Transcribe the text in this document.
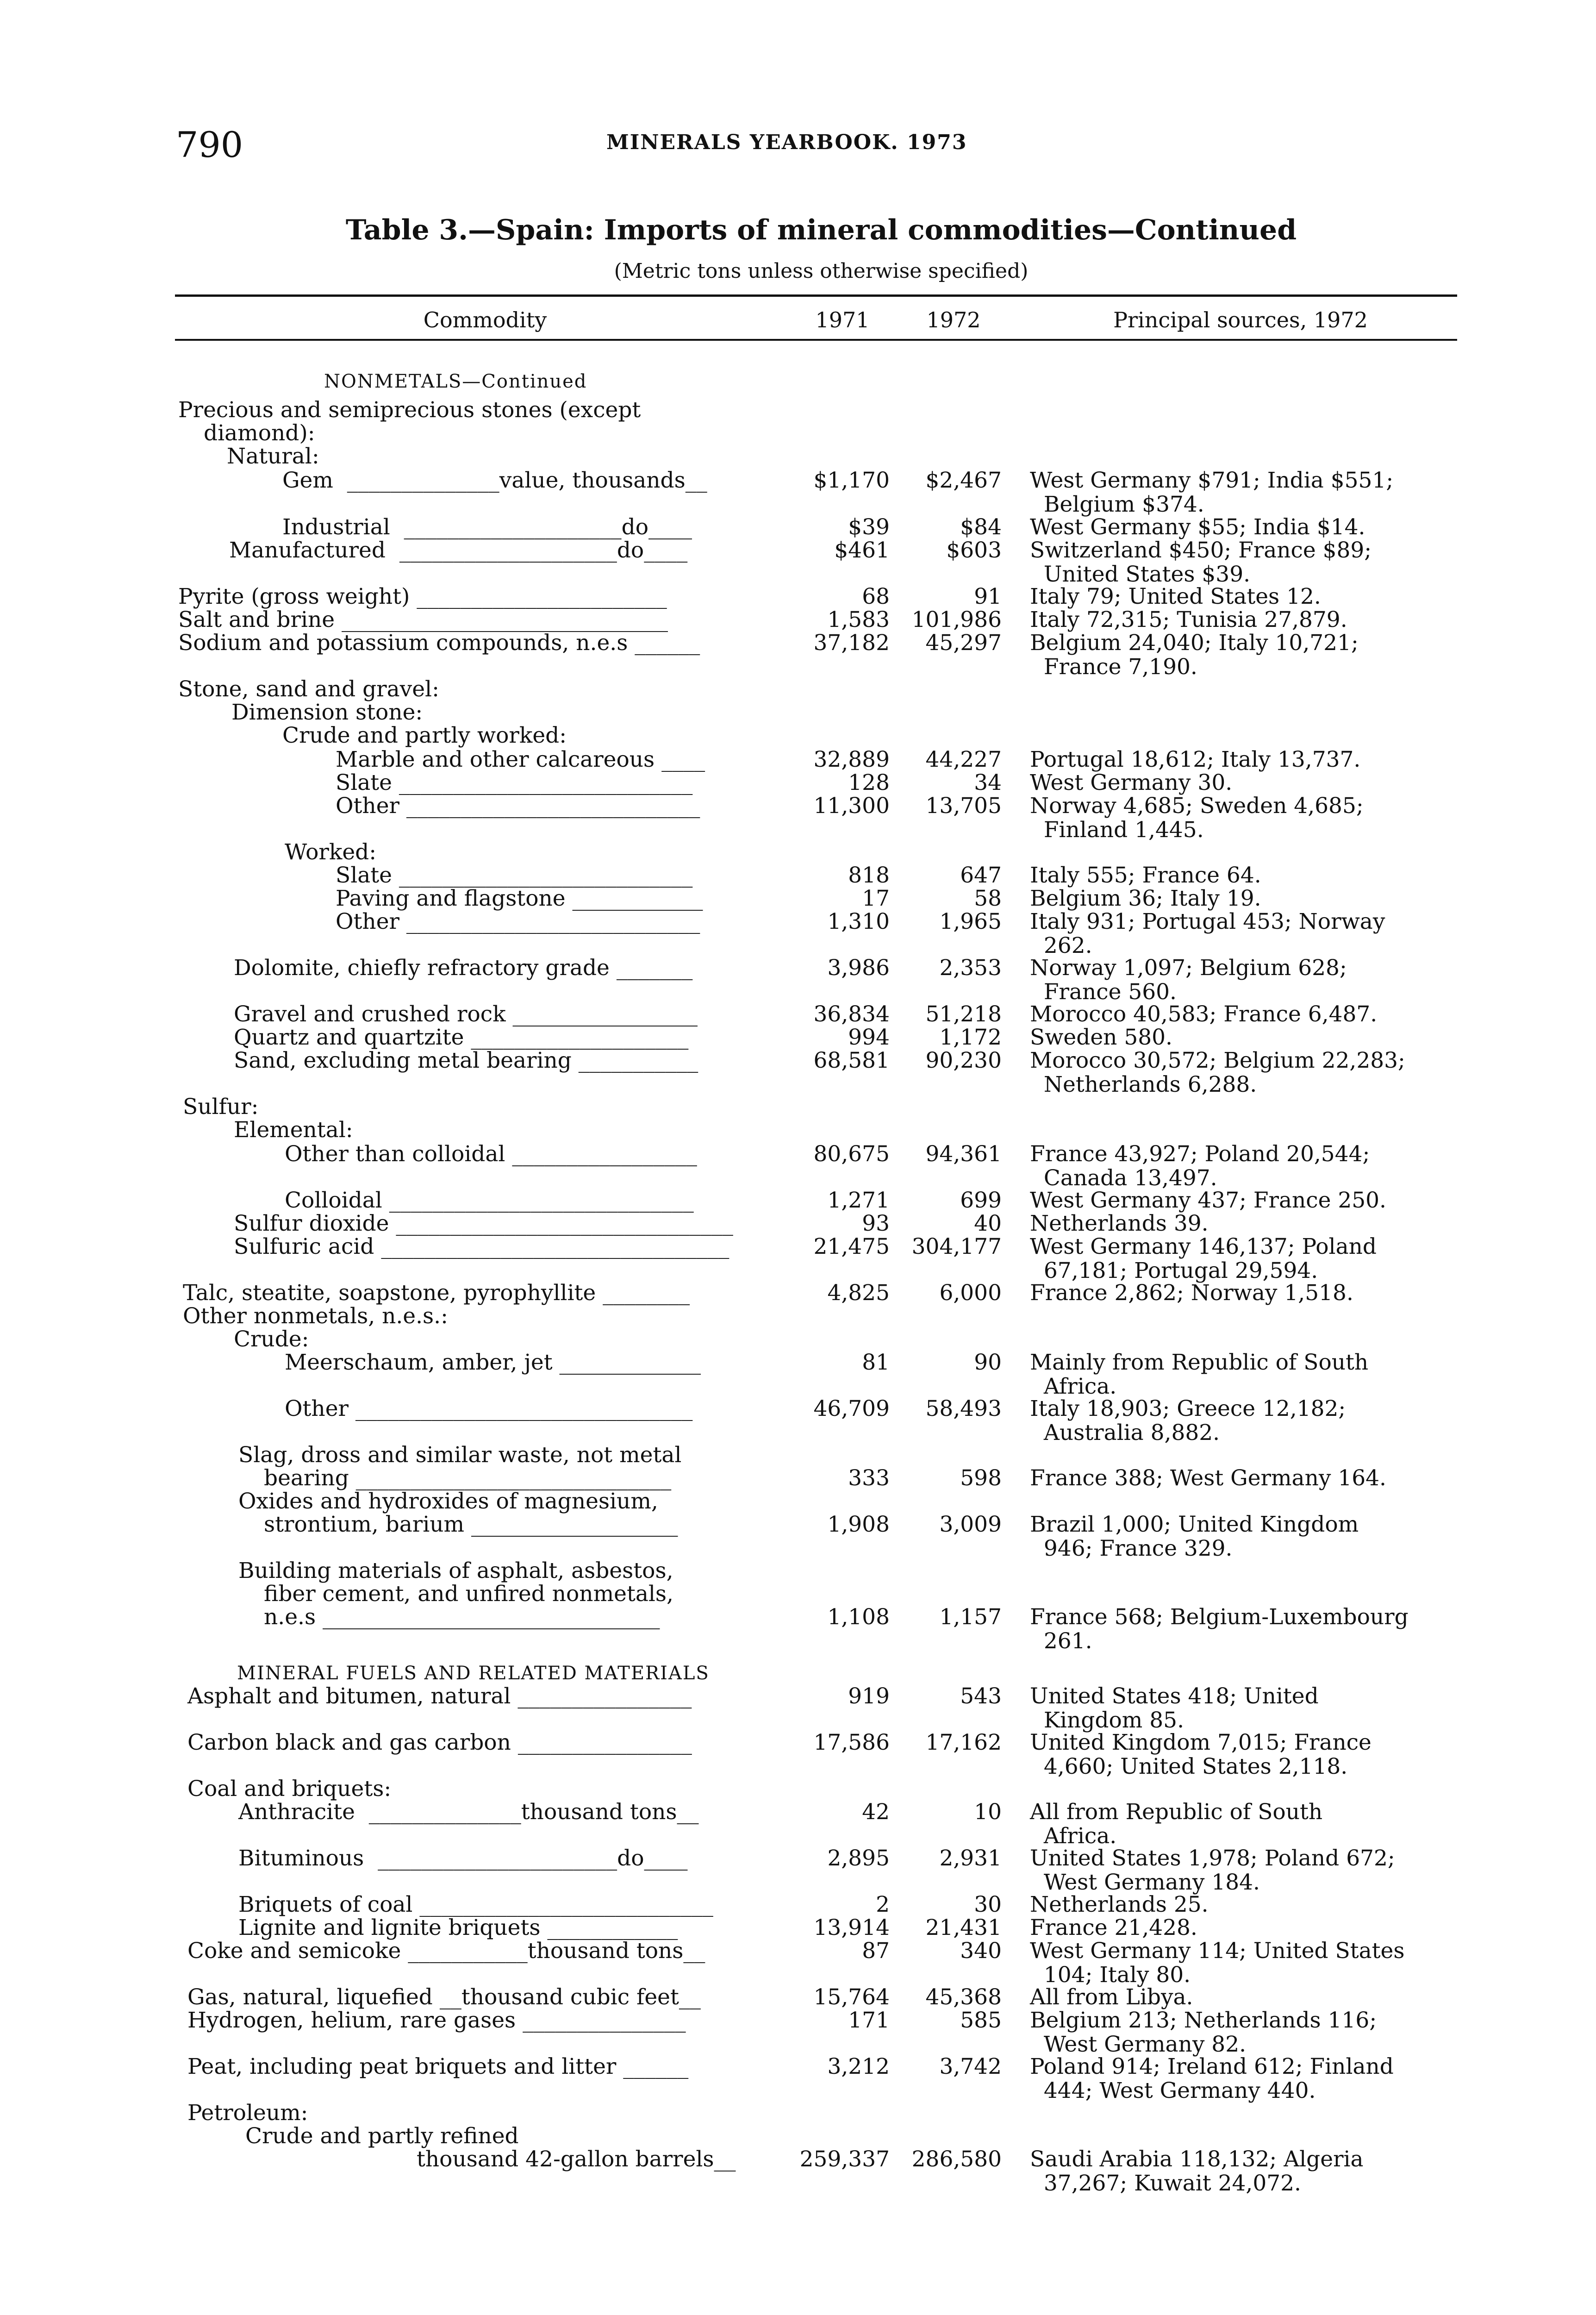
790	MINERALS YEARBOOK. 1973
Table 3.—Spain: Imports of mineral commodities—Continued
(Metric tons unless otherwise specified)
Commodity	1971	1972	Principal sources, 1972
NONMETALS—Continued
Precious and semiprecious stones (except
diamond):
Natural:
Gem  ______________value, thousands__	$1,170	$2,467 West Germany $791; India $551;
Belgium $374.
Industrial  ____________________do____	$39	$84 West Germany $55; India $14.
Manufactured  ____________________do____	$461	$603 Switzerland $450; France $89;
United States $39.
Pyrite (gross weight) _______________________	68	91 Italy 79; United States 12.
Salt and brine ______________________________	1,583	101,986 Italy 72,315; Tunisia 27,879.
Sodium and potassium compounds, n.e.s ______	37,182	45,297 Belgium 24,040; Italy 10,721;
France 7,190.
Stone, sand and gravel:
Dimension stone:
Crude and partly worked:
Marble and other calcareous ____	32,889	44,227 Portugal 18,612; Italy 13,737.
Slate ___________________________	128	34 West Germany 30.
Other ___________________________	11,300	13,705 Norway 4,685; Sweden 4,685;
Finland 1,445.
Worked:
Slate ___________________________	818	647 Italy 555; France 64.
Paving and flagstone ____________	17	58 Belgium 36; Italy 19.
Other ___________________________	1,310	1,965 Italy 931; Portugal 453; Norway
262.
Dolomite, chiefly refractory grade _______	3,986	2,353 Norway 1,097; Belgium 628;
France 560.
Gravel and crushed rock _________________	36,834	51,218 Morocco 40,583; France 6,487.
Quartz and quartzite ____________________	994	1,172 Sweden 580.
Sand, excluding metal bearing ___________	68,581	90,230 Morocco 30,572; Belgium 22,283;
Netherlands 6,288.
Sulfur:
Elemental:
Other than colloidal _________________	80,675	94,361 France 43,927; Poland 20,544;
Canada 13,497.
Colloidal ____________________________	1,271	699 West Germany 437; France 250.
Sulfur dioxide _______________________________	93	40 Netherlands 39.
Sulfuric acid ________________________________	21,475	304,177 West Germany 146,137; Poland
67,181; Portugal 29,594.
Talc, steatite, soapstone, pyrophyllite ________	4,825	6,000 France 2,862; Norway 1,518.
Other nonmetals, n.e.s.:
Crude:
Meerschaum, amber, jet _____________	81	90 Mainly from Republic of South
Africa.
Other _______________________________	46,709	58,493 Italy 18,903; Greece 12,182;
Australia 8,882.
Slag, dross and similar waste, not metal
bearing _____________________________	333	598 France 388; West Germany 164.
Oxides and hydroxides of magnesium,
strontium, barium ___________________	1,908	3,009 Brazil 1,000; United Kingdom
946; France 329.
Building materials of asphalt, asbestos,
fiber cement, and unfired nonmetals,
n.e.s _______________________________	1,108	1,157 France 568; Belgium-Luxembourg
261.
MINERAL FUELS AND RELATED MATERIALS
Asphalt and bitumen, natural ________________	919	543 United States 418; United
Kingdom 85.
Carbon black and gas carbon ________________	17,586	17,162 United Kingdom 7,015; France
4,660; United States 2,118.
Coal and briquets:
Anthracite  ______________thousand tons__	42	10 All from Republic of South
Africa.
Bituminous  ______________________do____	2,895	2,931 United States 1,978; Poland 672;
West Germany 184.
Briquets of coal ___________________________	2	30 Netherlands 25.
Lignite and lignite briquets ____________	13,914	21,431 France 21,428.
Coke and semicoke ___________thousand tons__	87	340 West Germany 114; United States
104; Italy 80.
Gas, natural, liquefied __thousand cubic feet__	15,764	45,368 All from Libya.
Hydrogen, helium, rare gases _______________	171	585 Belgium 213; Netherlands 116;
West Germany 82.
Peat, including peat briquets and litter ______	3,212	3,742 Poland 914; Ireland 612; Finland
444; West Germany 440.
Petroleum:
Crude and partly refined
thousand 42-gallon barrels__	259,337	286,580 Saudi Arabia 118,132; Algeria
37,267; Kuwait 24,072.
